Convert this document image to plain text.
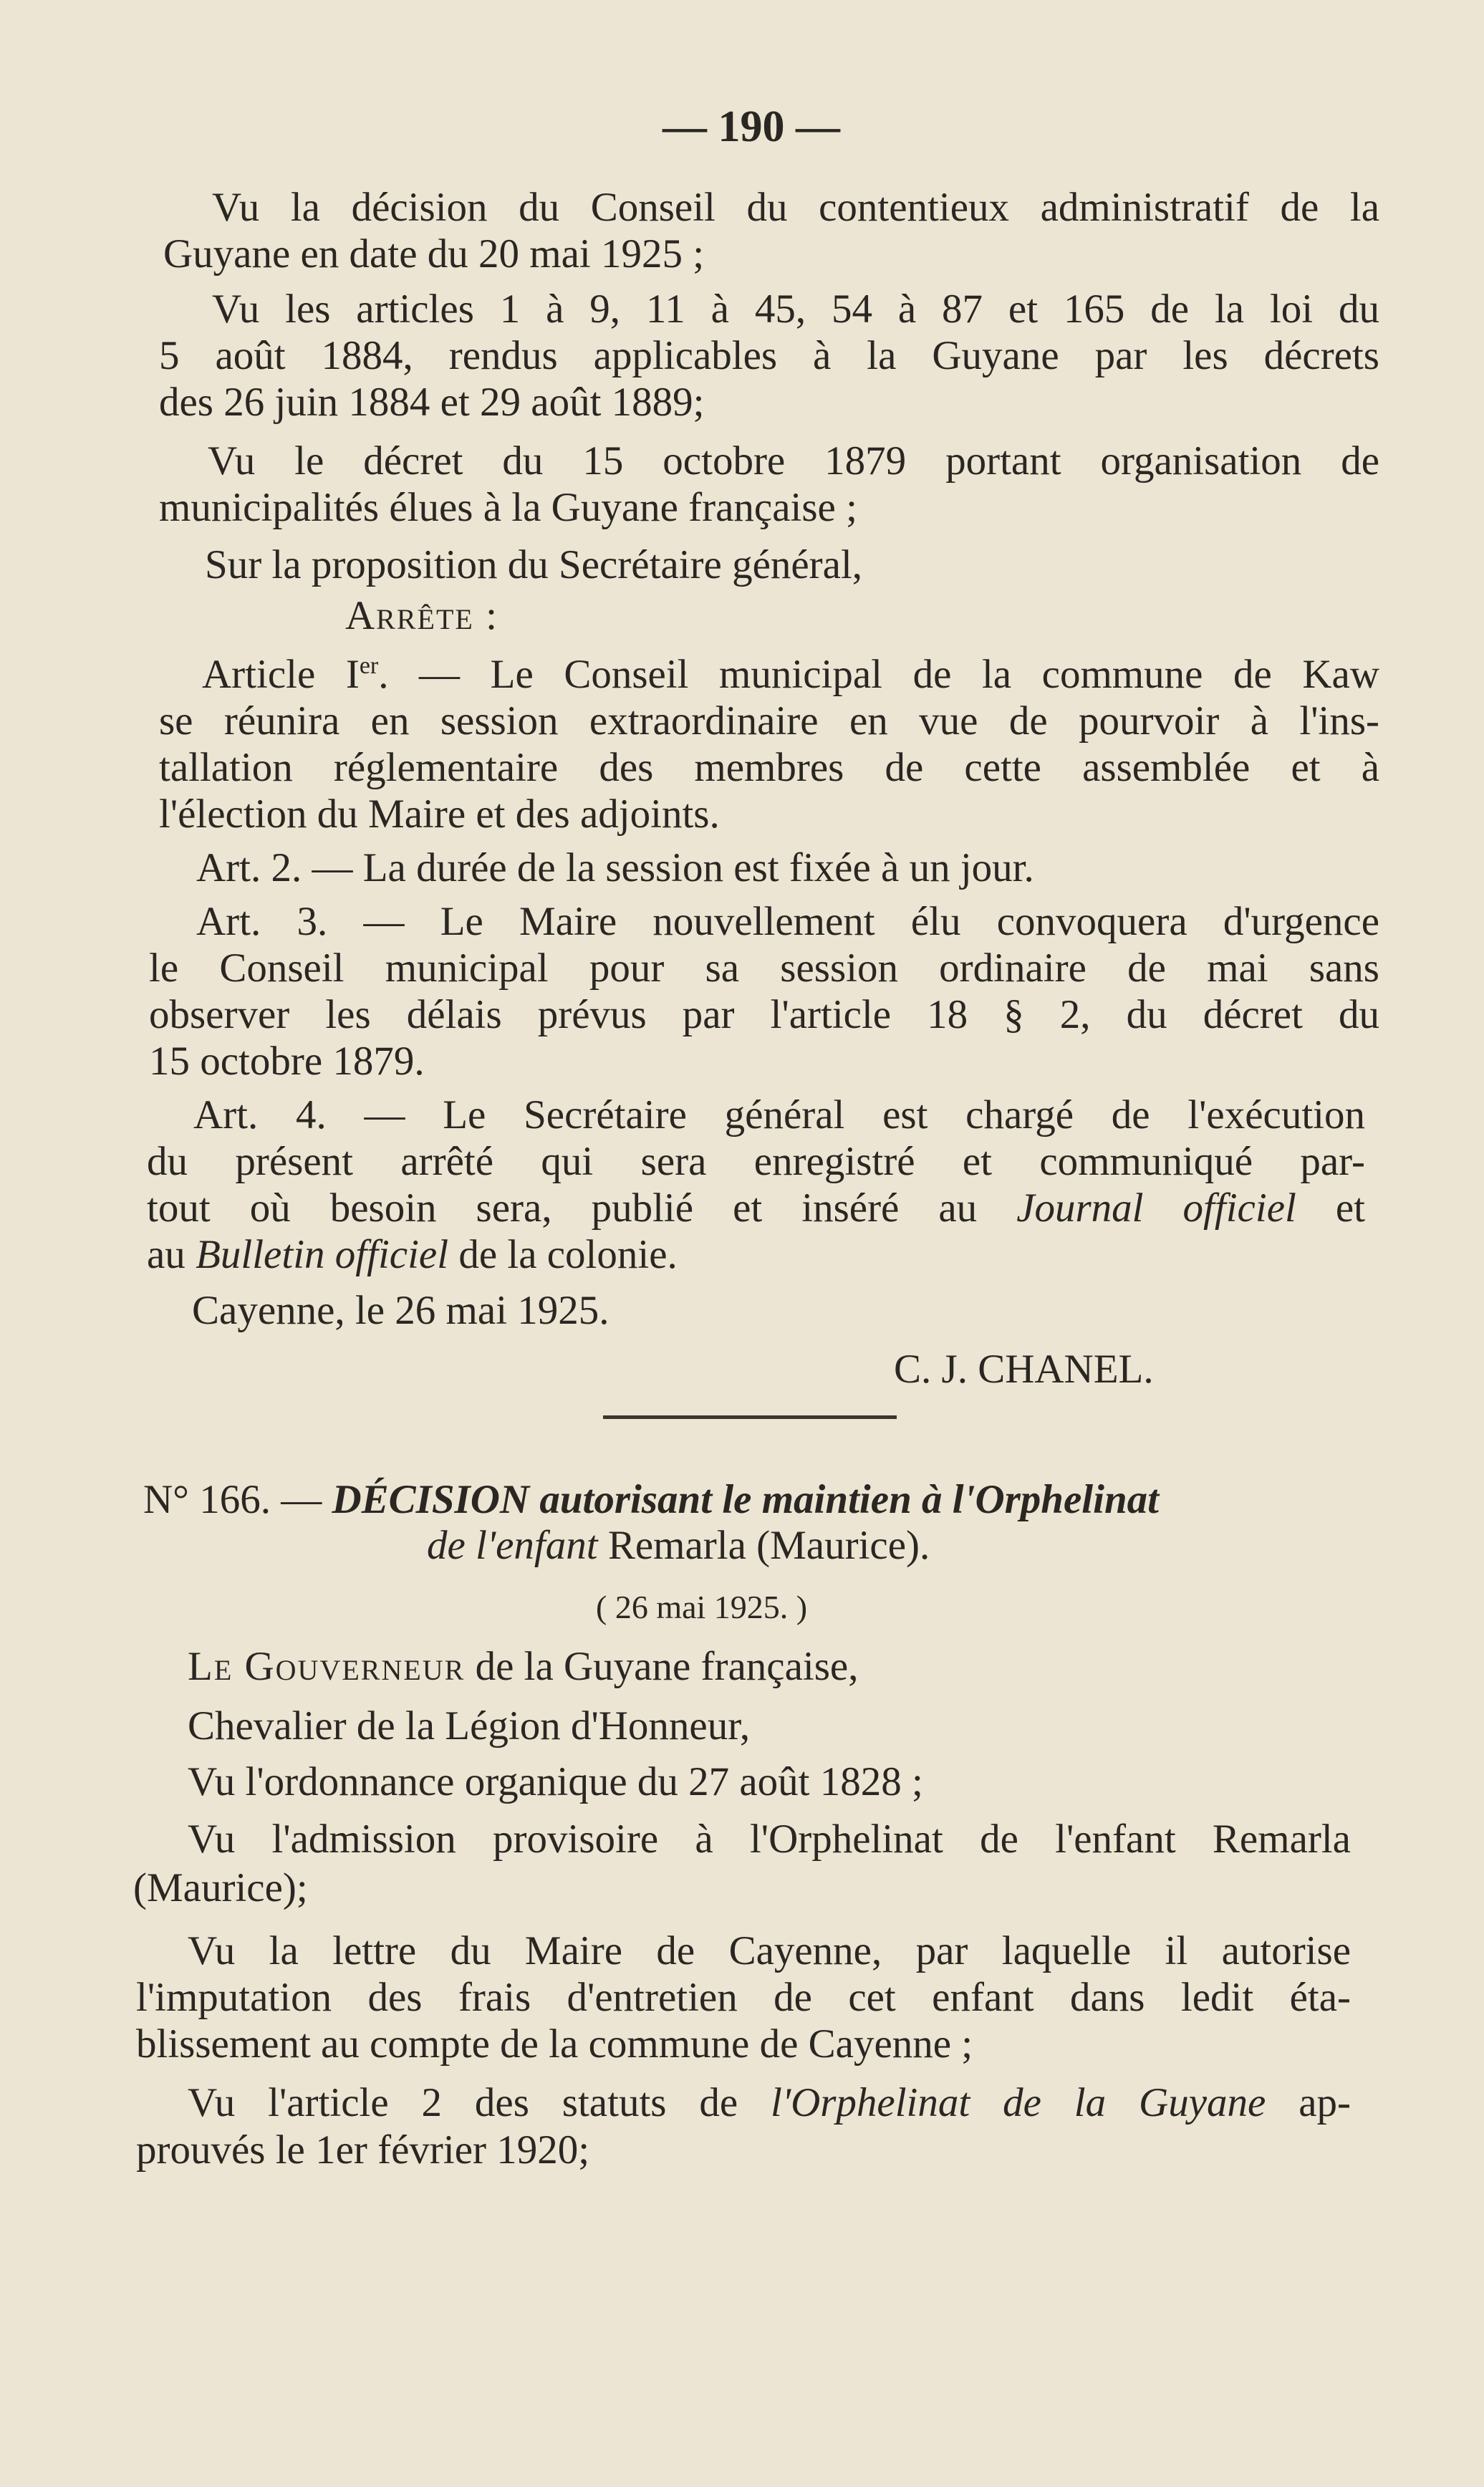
— 190 —

Vu la décision du Conseil du contentieux administratif de la

Guyane en date du 20 mai 1925 ;

Vu les articles 1 à 9, 11 à 45, 54 à 87 et 165 de la loi du

5 août 1884, rendus applicables à la Guyane par les décrets

des 26 juin 1884 et 29 août 1889;

Vu le décret du 15 octobre 1879 portant organisation de

municipalités élues à la Guyane française ;

Sur la proposition du Secrétaire général,

Arrête :

Article Ier. — Le Conseil municipal de la commune de Kaw

se réunira en session extraordinaire en vue de pourvoir à l'ins-

tallation réglementaire des membres de cette assemblée et à

l'élection du Maire et des adjoints.

Art. 2. — La durée de la session est fixée à un jour.

Art. 3. — Le Maire nouvellement élu convoquera d'urgence

le Conseil municipal pour sa session ordinaire de mai sans

observer les délais prévus par l'article 18 § 2, du décret du

15 octobre 1879.

Art. 4. — Le Secrétaire général est chargé de l'exécution

du présent arrêté qui sera enregistré et communiqué par-

tout où besoin sera, publié et inséré au Journal officiel et

au Bulletin officiel de la colonie.

Cayenne, le 26 mai 1925.

C. J. CHANEL.

N° 166. — DÉCISION autorisant le maintien à l'Orphelinat

de l'enfant Remarla (Maurice).

( 26 mai 1925. )

Le Gouverneur de la Guyane française,

Chevalier de la Légion d'Honneur,

Vu l'ordonnance organique du 27 août 1828 ;

Vu l'admission provisoire à l'Orphelinat de l'enfant Remarla

(Maurice);

Vu la lettre du Maire de Cayenne, par laquelle il autorise

l'imputation des frais d'entretien de cet enfant dans ledit éta-

blissement au compte de la commune de Cayenne ;

Vu l'article 2 des statuts de l'Orphelinat de la Guyane ap-

prouvés le 1er février 1920;
